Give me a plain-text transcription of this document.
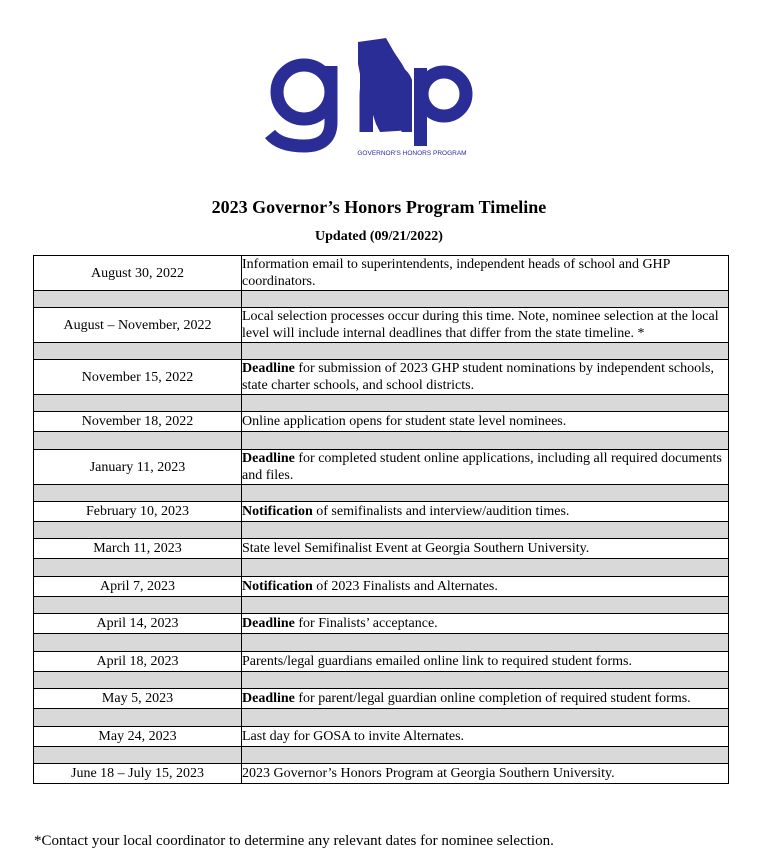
GOVERNOR'S HONORS PROGRAM
2023 Governor’s Honors Program Timeline
Updated (09/21/2022)
August 30, 2022	Information email to superintendents, independent heads of school and GHP coordinators.

August – November, 2022	Local selection processes occur during this time. Note, nominee selection at the local level will include internal deadlines that differ from the state timeline. *

November 15, 2022	Deadline for submission of 2023 GHP student nominations by independent schools, state charter schools, and school districts.

November 18, 2022	Online application opens for student state level nominees.

January 11, 2023	Deadline for completed student online applications, including all required documents and files.

February 10, 2023	Notification of semifinalists and interview/audition times.

March 11, 2023	State level Semifinalist Event at Georgia Southern University.

April 7, 2023	Notification of 2023 Finalists and Alternates.

April 14, 2023	Deadline for Finalists’ acceptance.

April 18, 2023	Parents/legal guardians emailed online link to required student forms.

May 5, 2023	Deadline for parent/legal guardian online completion of required student forms.

May 24, 2023	Last day for GOSA to invite Alternates.

June 18 – July 15, 2023	2023 Governor’s Honors Program at Georgia Southern University.
*Contact your local coordinator to determine any relevant dates for nominee selection.
